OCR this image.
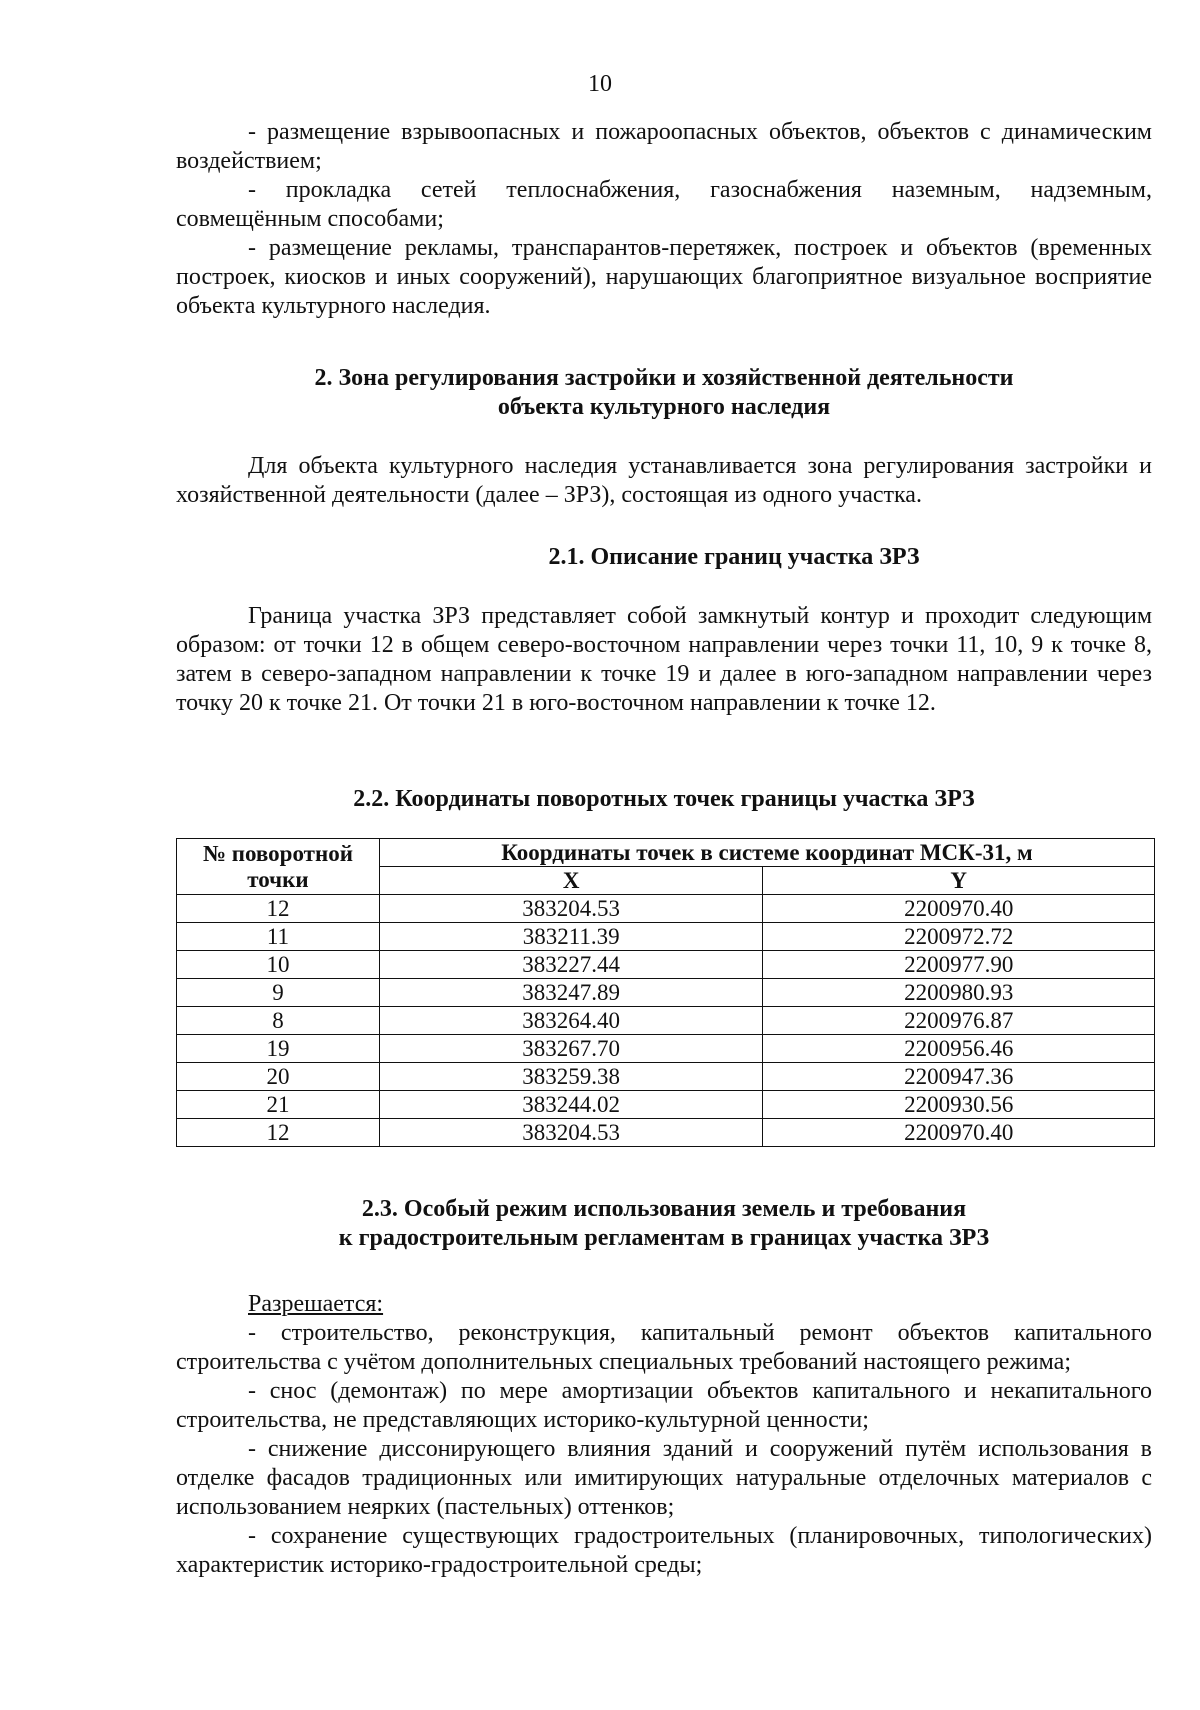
10

- размещение взрывоопасных и пожароопасных объектов, объектов с динамическим воздействием;

- прокладка сетей теплоснабжения, газоснабжения наземным, надземным, совмещённым способами;

- размещение рекламы, транспарантов-перетяжек, построек и объектов (временных построек, киосков и иных сооружений), нарушающих благоприятное визуальное восприятие объекта культурного наследия.

2. Зона регулирования застройки и хозяйственной деятельности

объекта культурного наследия

Для объекта культурного наследия устанавливается зона регулирования застройки и хозяйственной деятельности (далее – ЗРЗ), состоящая из одного участка.

2.1. Описание границ участка ЗРЗ

Граница участка ЗРЗ представляет собой замкнутый контур и проходит следующим образом: от точки 12 в общем северо-восточном направлении через точки 11, 10, 9 к точке 8, затем в северо-западном направлении к точке 19 и далее в юго-западном направлении через точку 20 к точке 21. От точки 21 в юго-восточном направлении к точке 12.

2.2. Координаты поворотных точек границы участка ЗРЗ

№ поворотной точки	Координаты точек в системе координат МСК-31, м	
	X	Y
12	383204.53	2200970.40
11	383211.39	2200972.72
10	383227.44	2200977.90
9	383247.89	2200980.93
8	383264.40	2200976.87
19	383267.70	2200956.46
20	383259.38	2200947.36
21	383244.02	2200930.56
12	383204.53	2200970.40

2.3. Особый режим использования земель и требования

к градостроительным регламентам в границах участка ЗРЗ

Разрешается:

- строительство, реконструкция, капитальный ремонт объектов капитального строительства с учётом дополнительных специальных требований настоящего режима;

- снос (демонтаж) по мере амортизации объектов капитального и некапитального строительства, не представляющих историко-культурной ценности;

- снижение диссонирующего влияния зданий и сооружений путём использования в отделке фасадов традиционных или имитирующих натуральные отделочных материалов с использованием неярких (пастельных) оттенков;

- сохранение существующих градостроительных (планировочных, типологических) характеристик историко-градостроительной среды;
